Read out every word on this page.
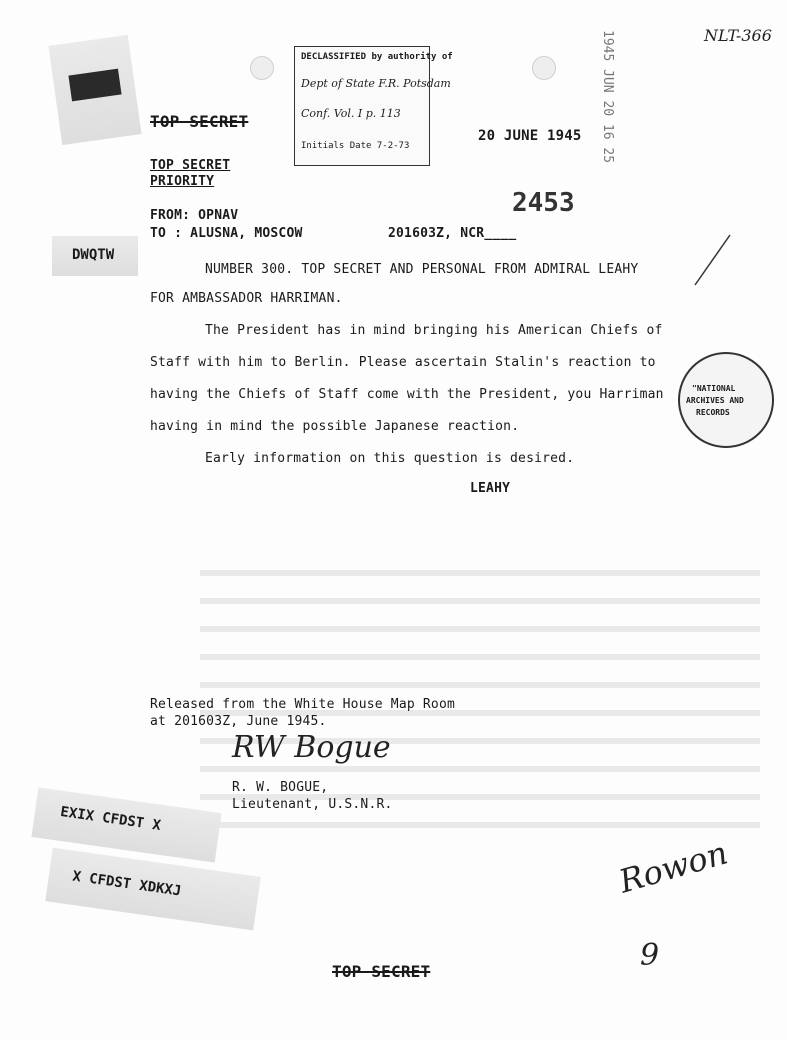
TOP SECRET
DECLASSIFIED by authority of
Dept of State F.R. Potsdam
Conf. Vol. I p. 113
Initials Date 7-2-73
20 JUNE 1945 1945 JUN 20 16 25	NLT-366
TOP SECRET
PRIORITY
2453
FROM: OPNAV
TO : ALUSNA, MOSCOW	201603Z, NCR____
DWQTW
NUMBER 300. TOP SECRET AND PERSONAL FROM ADMIRAL LEAHY
FOR AMBASSADOR HARRIMAN.
The President has in mind bringing his American Chiefs of
Staff with him to Berlin. Please ascertain Stalin's reaction to
having the Chiefs of Staff come with the President, you Harriman
having in mind the possible Japanese reaction.
Early information on this question is desired.
LEAHY
"NATIONAL
ARCHIVES AND
RECORDS
Released from the White House Map Room
at 201603Z, June 1945.
RW Bogue
R. W. BOGUE,
Lieutenant, U.S.N.R.
EXIX CFDST X
X CFDST XDKXJ	Rowon
9
TOP SECRET
